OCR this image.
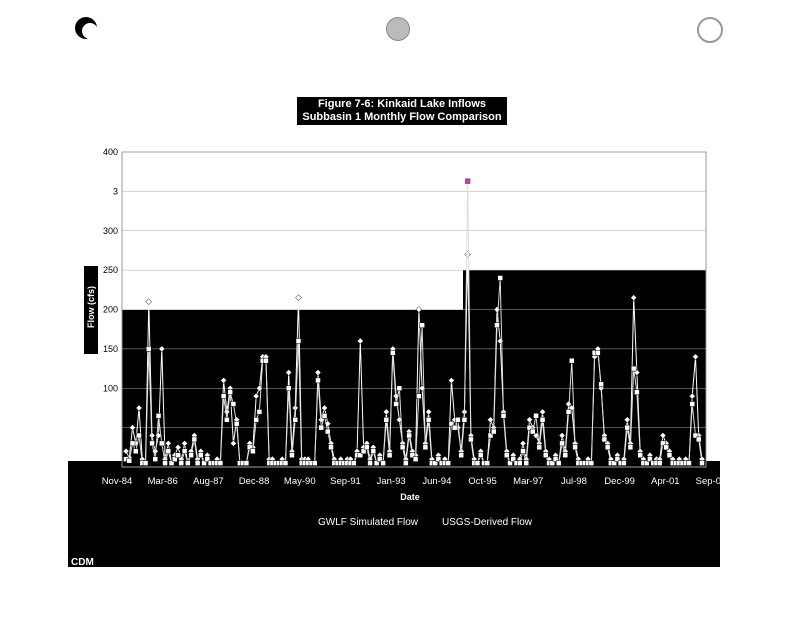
Figure 7-6: Kinkaid Lake Inflows
Subbasin 1 Monthly Flow Comparison
0
100
150
200
250
300
3
400
Nov-84 Mar-86 Aug-87 Dec-88 May-90 Sep-91 Jan-93 Jun-94 Oct-95 Mar-97 Jul-98 Dec-99 Apr-01 Sep-02
Flow (cfs)
Date
GWLF Simulated Flow USGS-Derived Flow
CDM
